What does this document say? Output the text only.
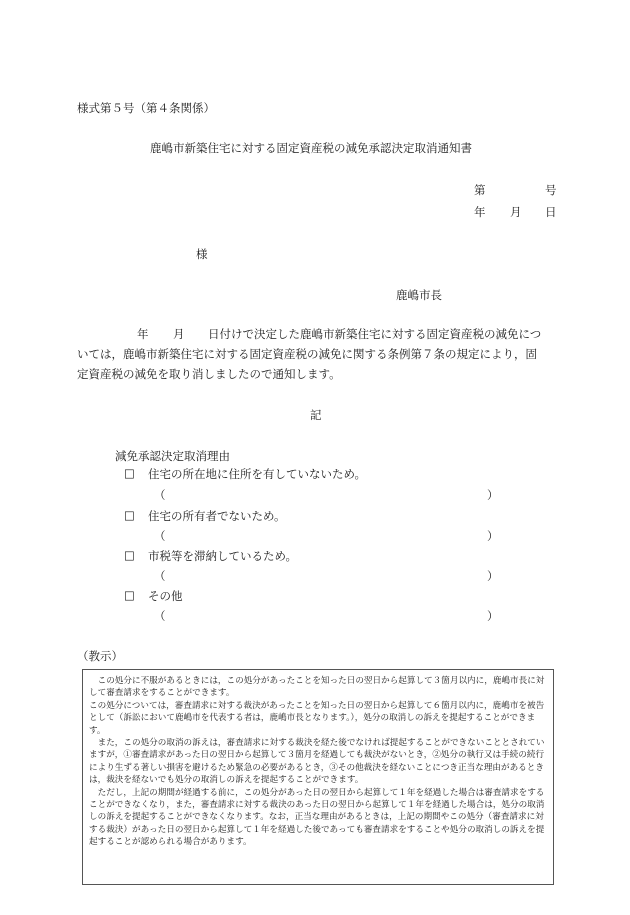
様式第５号（第４条関係）
鹿嶋市新築住宅に対する固定資産税の減免承認決定取消通知書
第	号
年 月 日
様
鹿嶋市長
年 月 日付けで決定した鹿嶋市新築住宅に対する固定資産税の減免につ
いては，鹿嶋市新築住宅に対する固定資産税の減免に関する条例第７条の規定により，固
定資産税の減免を取り消しましたので通知します。
記
減免承認決定取消理由
□ 住宅の所在地に住所を有していないため。
（	）
□ 住宅の所有者でないため。
（	）
□ 市税等を滞納しているため。
（	）
□ その他
（	）
（教示）

　この処分に不服があるときには，この処分があったことを知った日の翌日から起算して３箇月以内に，鹿嶋市長に対して審査請求をすることができます。

この処分については，審査請求に対する裁決があったことを知った日の翌日から起算して６箇月以内に，鹿嶋市を被告として（訴訟において鹿嶋市を代表する者は，鹿嶋市長となります。），処分の取消しの訴えを提起することができます。

　また，この処分の取消の訴えは，審査請求に対する裁決を経た後でなければ提起することができないこととされていますが，①審査請求があった日の翌日から起算して３箇月を経過しても裁決がないとき，②処分の執行又は手続の続行により生ずる著しい損害を避けるため緊急の必要があるとき，③その他裁決を経ないことにつき正当な理由があるときは，裁決を経ないでも処分の取消しの訴えを提起することができます。

　ただし，上記の期間が経過する前に，この処分があった日の翌日から起算して１年を経過した場合は審査請求をすることができなくなり，また，審査請求に対する裁決のあった日の翌日から起算して１年を経過した場合は，処分の取消しの訴えを提起することができなくなります。なお，正当な理由があるときは，上記の期間やこの処分（審査請求に対する裁決）があった日の翌日から起算して１年を経過した後であっても審査請求をすることや処分の取消しの訴えを提起することが認められる場合があります。
